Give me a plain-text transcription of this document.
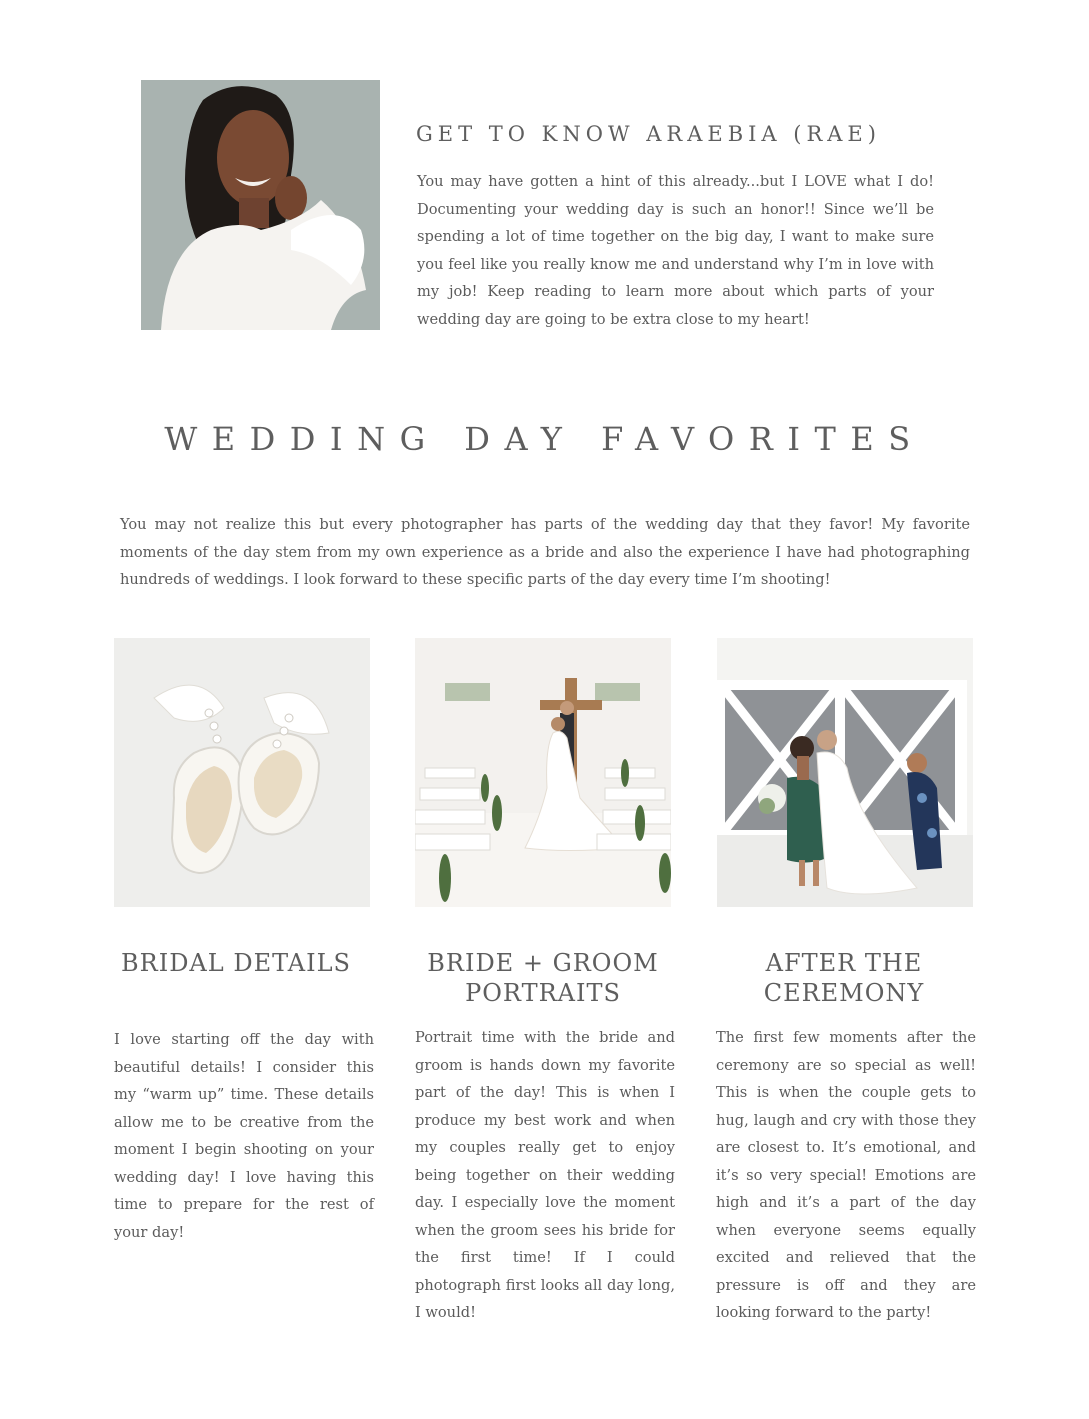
GET TO KNOW ARAEBIA (RAE)

You may have gotten a hint of this already...but I LOVE what I do! Documenting your wedding day is such an honor!! Since we’ll be spending a lot of time together on the big day, I want to make sure you feel like you really know me and understand why I’m in love with my job! Keep reading to learn more about which parts of your wedding day are going to be extra close to my heart!

WEDDING DAY FAVORITES

You may not realize this but every photographer has parts of the wedding day that they favor! My favorite moments of the day stem from my own experience as a bride and also the experience I have had photographing hundreds of weddings. I look forward to these specific parts of the day every time I’m shooting!

BRIDAL DETAILS	BRIDE + GROOM PORTRAITS
AFTER THE CEREMONY

I love starting off the day with beautiful details! I consider this my “warm up” time. These details allow me to be creative from the moment I begin shooting on your wedding day! I love having this time to prepare for the rest of your day!

Portrait time with the bride and groom is hands down my favorite part of the day! This is when I produce my best work and when my couples really get to enjoy being together on their wedding day. I especially love the moment when the groom sees his bride for the first time! If I could photograph first looks all day long, I would!

The first few moments after the ceremony are so special as well! This is when the couple gets to hug, laugh and cry with those they are closest to. It’s emotional, and it’s so very special! Emotions are high and it’s a part of the day when everyone seems equally excited and relieved that the pressure is off and they are looking forward to the party!
